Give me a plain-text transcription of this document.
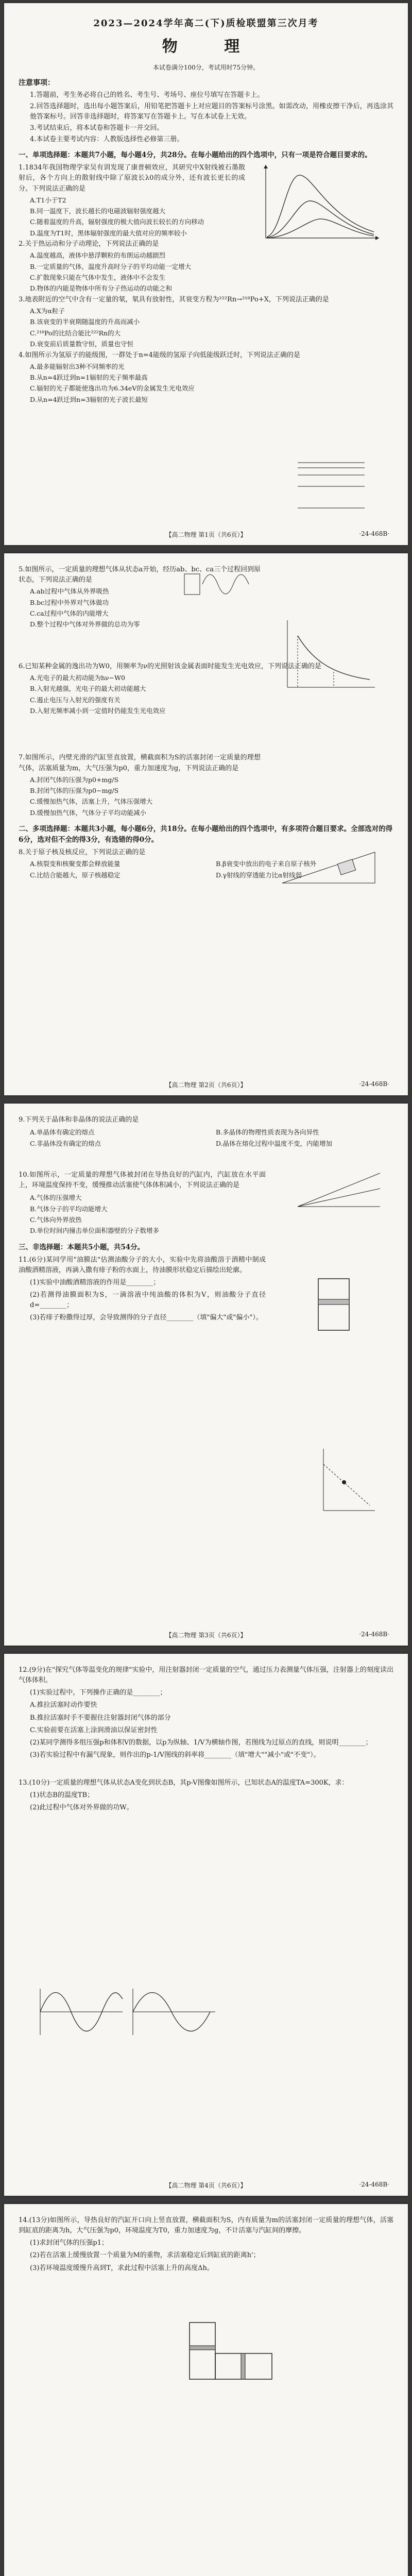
2023—2024学年高二(下)质检联盟第三次月考
物 理
本试卷满分100分，考试用时75分钟。
注意事项：

1.答题前，考生务必将自己的姓名、考生号、考场号、座位号填写在答题卡上。

2.回答选择题时，选出每小题答案后，用铅笔把答题卡上对应题目的答案标号涂黑。如需改动，用橡皮擦干净后，再选涂其他答案标号。回答非选择题时，将答案写在答题卡上。写在本试卷上无效。

3.考试结束后，将本试卷和答题卡一并交回。

4.本试卷主要考试内容：人教版选择性必修第三册。

一、单项选择题：本题共7小题，每小题4分，共28分。在每小题给出的四个选项中，只有一项是符合题目要求的。

1.1834年我国物理学家吴有训发现了康普顿效应，其研究中X射线被石墨散射后，各个方向上的散射线中除了原波长λ0的成分外，还有波长更长的成分。下列说法正确的是

A.T1小于T2
B.同一温度下，波长越长的电磁波辐射强度越大
C.随着温度的升高，辐射强度的极大值向波长较长的方向移动
D.温度为T1时，黑体辐射强度的最大值对应的频率较小

2.关于热运动和分子动理论，下列说法正确的是

A.温度越高，液体中悬浮颗粒的布朗运动越剧烈
B.一定质量的气体，温度升高时分子的平均动能一定增大
C.扩散现象只能在气体中发生，液体中不会发生
D.物体的内能是物体中所有分子热运动的动能之和

3.地表附近的空气中含有一定量的氡，氡具有放射性，其衰变方程为²²²Rn→²¹⁸Po+X，下列说法正确的是

A.X为α粒子
B.该衰变的半衰期随温度的升高而减小
C.²¹⁸Po的比结合能比²²²Rn的大
D.衰变前后质量数守恒，质量也守恒

4.如图所示为氢原子的能级图，一群处于n=4能级的氢原子向低能级跃迁时，下列说法正确的是

A.最多能辐射出3种不同频率的光
B.从n=4跃迁到n=1辐射的光子频率最高
C.辐射的光子都能使逸出功为6.34eV的金属发生光电效应
D.从n=4跃迁到n=3辐射的光子波长最短
【高二物理 第1页（共6页）】	·24-468B·

5.如图所示，一定质量的理想气体从状态a开始，经历ab、bc、ca三个过程回到原状态，下列说法正确的是

A.ab过程中气体从外界吸热
B.bc过程中外界对气体做功
C.ca过程中气体的内能增大
D.整个过程中气体对外界做的总功为零

6.已知某种金属的逸出功为W0，用频率为ν的光照射该金属表面时能发生光电效应，下列说法正确的是

A.光电子的最大初动能为hν−W0
B.入射光越强，光电子的最大初动能越大
C.遏止电压与入射光的强度有关
D.入射光频率减小到一定值时仍能发生光电效应

7.如图所示，内壁光滑的汽缸竖直放置，横截面积为S的活塞封闭一定质量的理想气体，活塞质量为m，大气压强为p0，重力加速度为g，下列说法正确的是

A.封闭气体的压强为p0+mg/S
B.封闭气体的压强为p0−mg/S
C.缓慢加热气体，活塞上升，气体压强增大
D.缓慢加热气体，气体分子平均动能减小
二、多项选择题：本题共3小题，每小题6分，共18分。在每小题给出的四个选项中，有多项符合题目要求。全部选对的得6分，选对但不全的得3分，有选错的得0分。

8.关于原子核及核反应，下列说法正确的是

A.核裂变和核聚变都会释放能量	B.β衰变中放出的电子来自原子核外
C.比结合能越大，原子核越稳定	D.γ射线的穿透能力比α射线弱
【高二物理 第2页（共6页）】	·24-468B·

9.下列关于晶体和非晶体的说法正确的是

A.单晶体有确定的熔点	B.多晶体的物理性质表现为各向异性
C.非晶体没有确定的熔点	D.晶体在熔化过程中温度不变，内能增加

10.如图所示，一定质量的理想气体被封闭在导热良好的汽缸内，汽缸放在水平面上，环境温度保持不变，缓慢推动活塞使气体体积减小，下列说法正确的是

A.气体的压强增大
B.气体分子的平均动能增大
C.气体向外界放热
D.单位时间内撞击单位面积器壁的分子数增多
三、非选择题：本题共5小题，共54分。

11.(6分)某同学用"油膜法"估测油酸分子的大小，实验中先将油酸溶于酒精中制成油酸酒精溶液，再滴入撒有痱子粉的水面上，待油膜形状稳定后描绘出轮廓。

(1)实验中油酸酒精溶液的作用是________；

(2)若测得油膜面积为S，一滴溶液中纯油酸的体积为V，则油酸分子直径d=________；

(3)若痱子粉撒得过厚，会导致测得的分子直径________（填"偏大"或"偏小"）。

【高二物理 第3页（共6页）】	·24-468B·

12.(9分)在"探究气体等温变化的规律"实验中，用注射器封闭一定质量的空气，通过压力表测量气体压强，注射器上的刻度读出气体体积。

(1)实验过程中，下列操作正确的是________；

A.推拉活塞时动作要快

B.推拉活塞时手不要握住注射器封闭气体的部分

C.实验前要在活塞上涂润滑油以保证密封性

(2)某同学测得多组压强p和体积V的数据，以p为纵轴、1/V为横轴作图，若图线为过原点的直线，则说明________；

(3)若实验过程中有漏气现象，则作出的p-1/V图线的斜率将________（填"增大""减小"或"不变"）。

13.(10分)一定质量的理想气体从状态A变化到状态B，其p-V图像如图所示，已知状态A的温度TA=300K，求：

(1)状态B的温度TB；

(2)此过程中气体对外界做的功W。

【高二物理 第4页（共6页）】	·24-468B·

14.(13分)如图所示，导热良好的汽缸开口向上竖直放置，横截面积为S，内有质量为m的活塞封闭一定质量的理想气体，活塞到缸底的距离为h，大气压强为p0，环境温度为T0，重力加速度为g，不计活塞与汽缸间的摩擦。

(1)求封闭气体的压强p1；

(2)若在活塞上缓慢放置一个质量为M的重物，求活塞稳定后到缸底的距离h'；

(3)若环境温度缓慢升高到T，求此过程中活塞上升的高度Δh。
